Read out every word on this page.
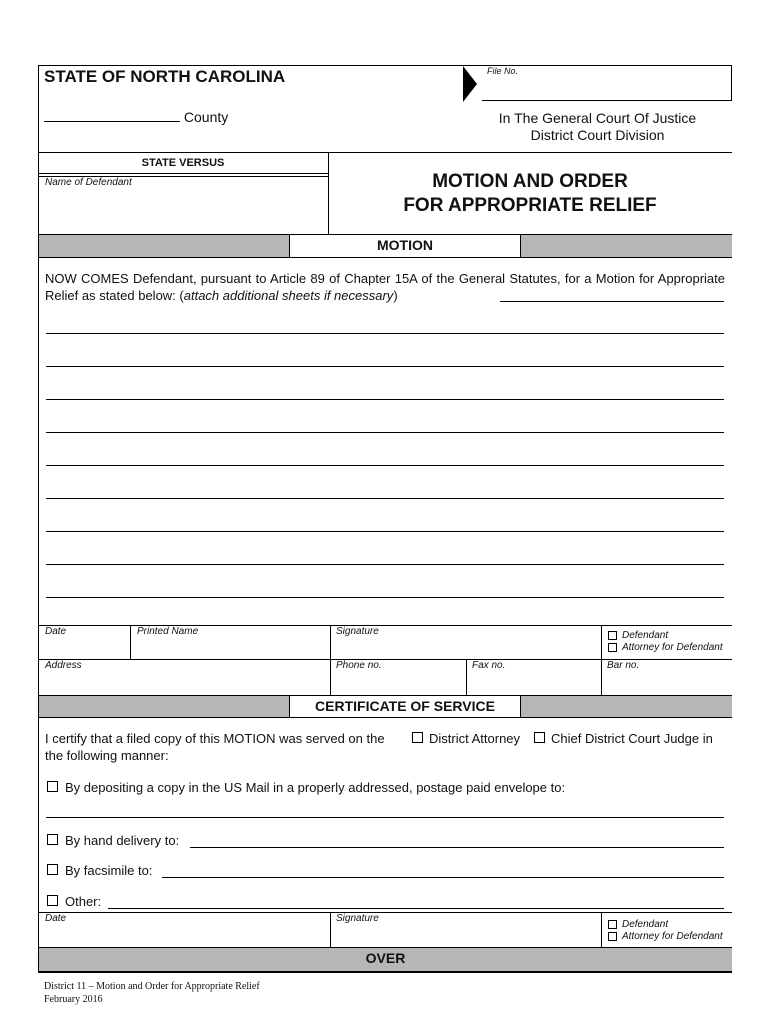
STATE OF NORTH CAROLINA	File No.
County	In The General Court Of Justice
District Court Division
STATE VERSUS
Name of Defendant	MOTION AND ORDER
FOR APPROPRIATE RELIEF
MOTION
NOW COMES Defendant, pursuant to Article 89 of Chapter 15A of the General Statutes, for a Motion for Appropriate Relief as stated below: (attach additional sheets if necessary)
Date	Printed Name	Signature	Defendant
Attorney for Defendant
Address	Phone no.	Fax no.	Bar no.
CERTIFICATE OF SERVICE
I certify that a filed copy of this MOTION was served on the	District Attorney Chief District Court Judge in
the following manner:
By depositing a copy in the US Mail in a properly addressed, postage paid envelope to:
By hand delivery to:
By facsimile to:
Other:
Date	Signature
Defendant
Attorney for Defendant
OVER
District 11 – Motion and Order for Appropriate Relief
February 2016
